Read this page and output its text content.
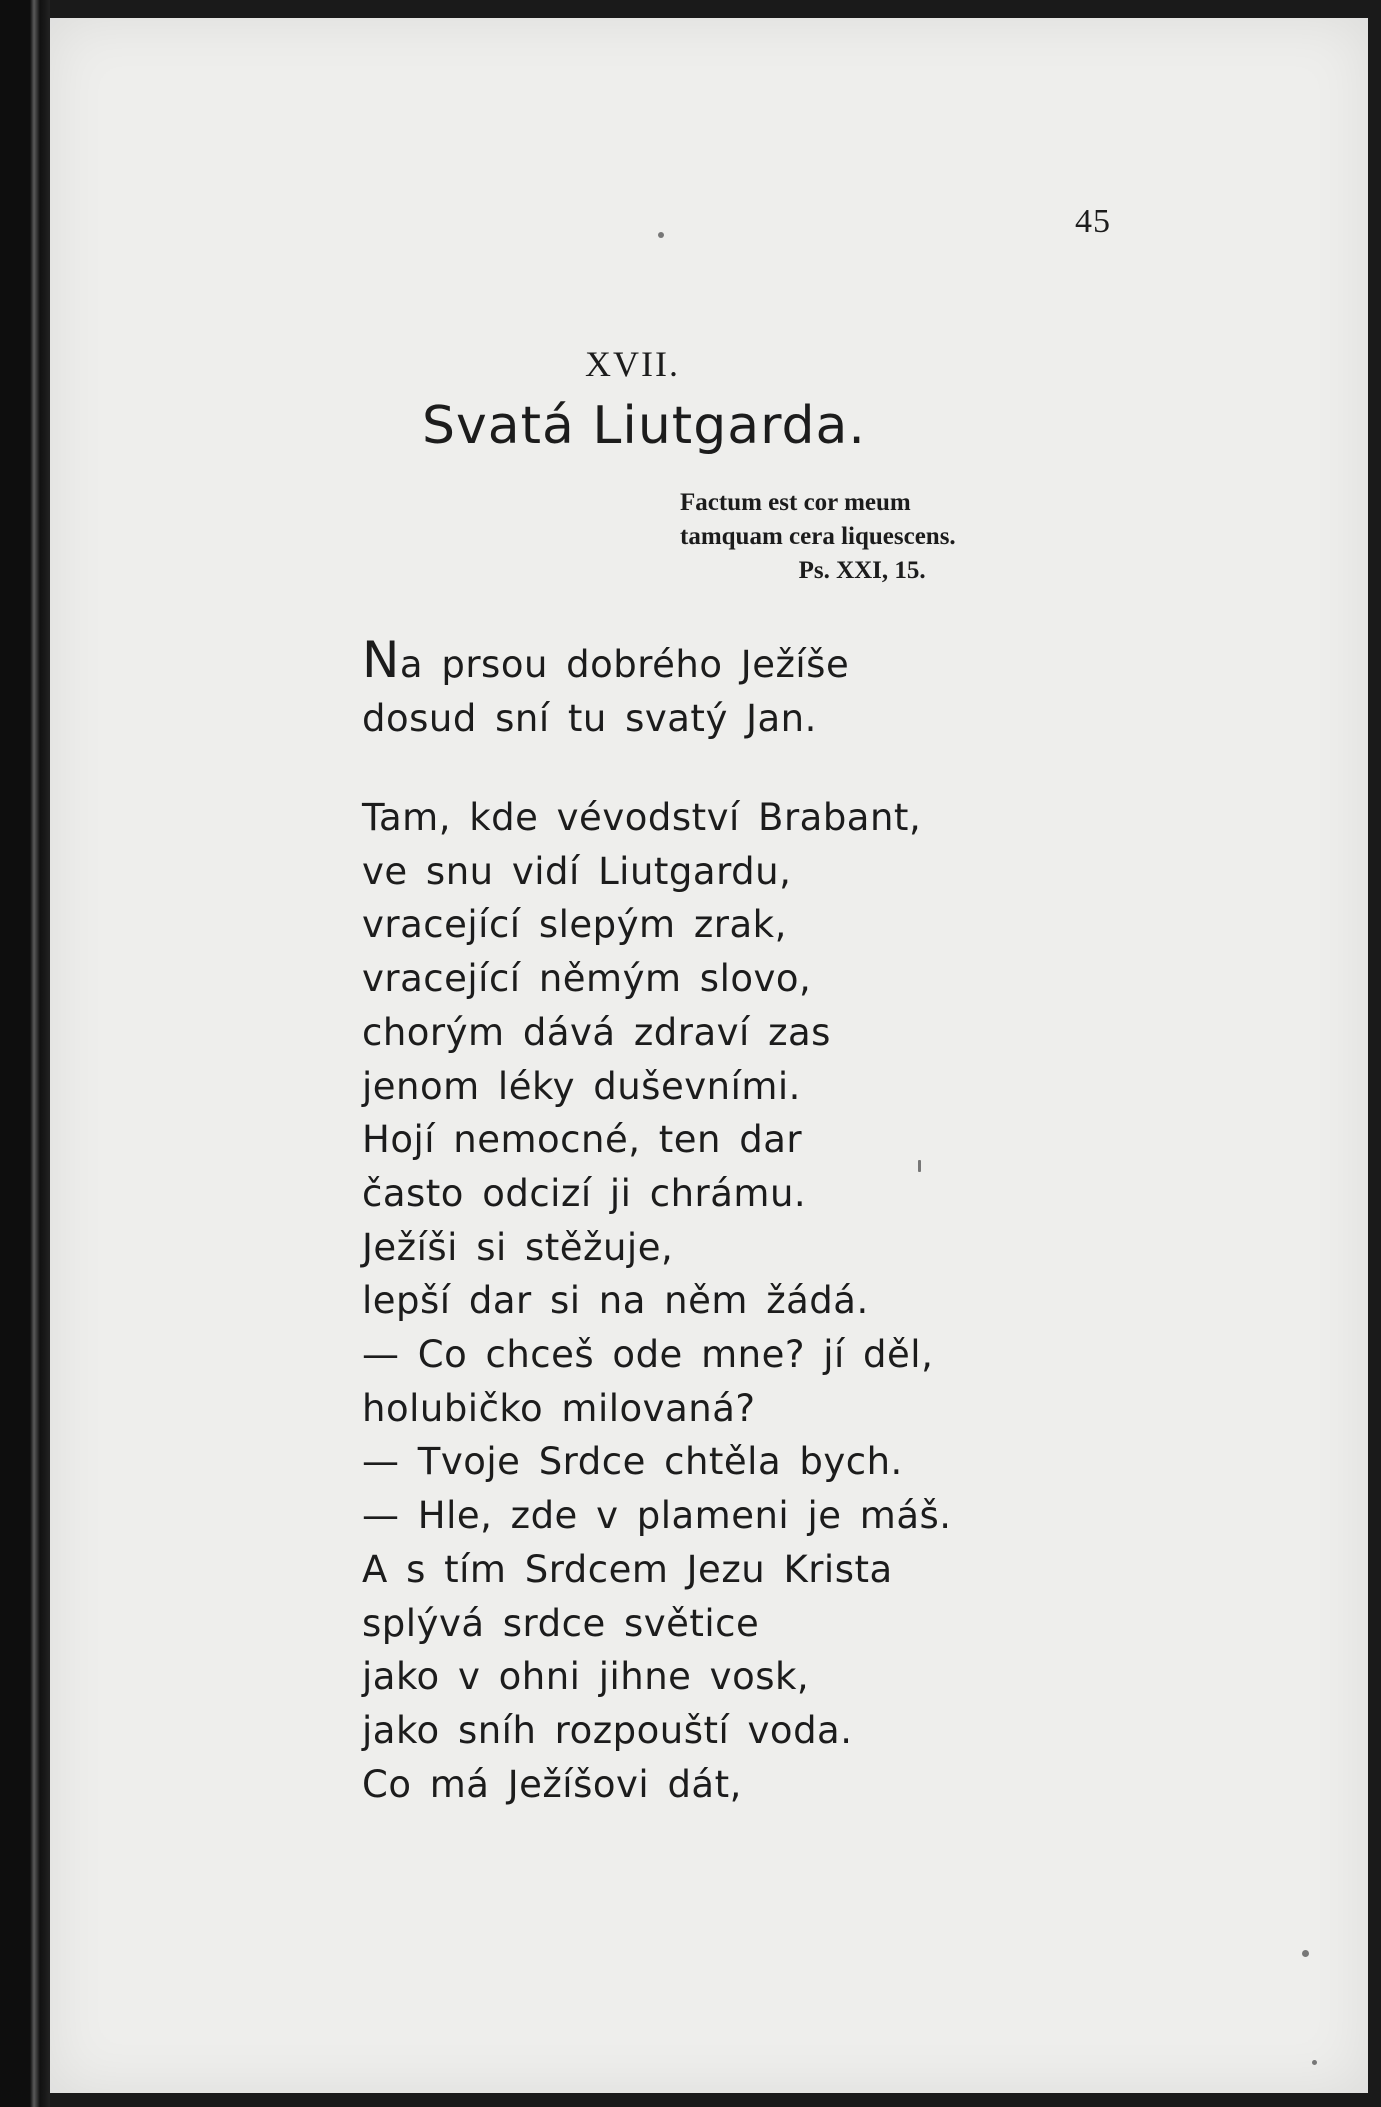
45
XVII.
Svatá Liutgarda.
Factum est cor meum
tamquam cera liquescens.
Ps. XXI, 15.
Na prsou dobrého Ježíše
dosud sní tu svatý Jan.
Tam, kde vévodství Brabant,
ve snu vidí Liutgardu,
vracející slepým zrak,
vracející němým slovo,
chorým dává zdraví zas
jenom léky duševními.
Hojí nemocné, ten dar
často odcizí ji chrámu.
Ježíši si stěžuje,
lepší dar si na něm žádá.
— Co chceš ode mne? jí děl,
holubičko milovaná?
— Tvoje Srdce chtěla bych.
— Hle, zde v plameni je máš.
A s tím Srdcem Jezu Krista
splývá srdce světice
jako v ohni jihne vosk,
jako sníh rozpouští voda.
Co má Ježíšovi dát,
